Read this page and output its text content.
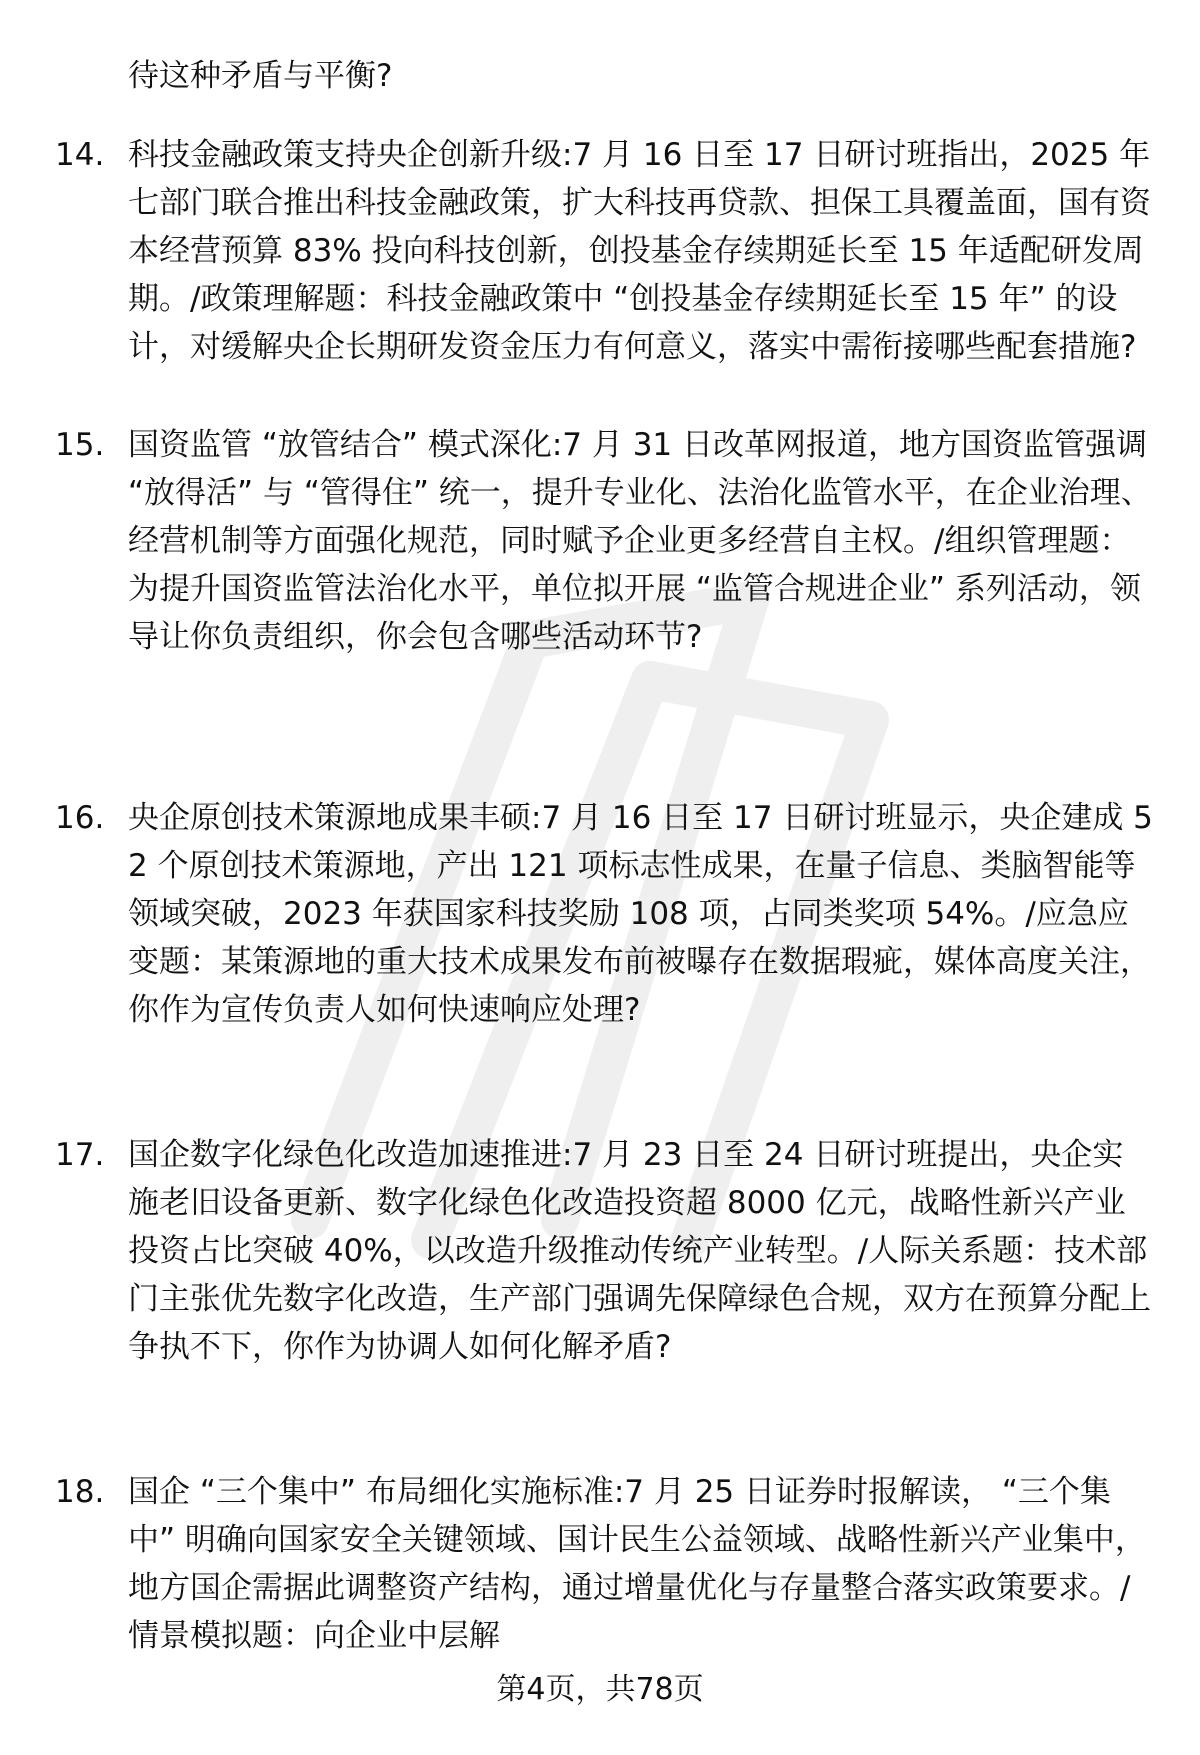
待这种矛盾与平衡?

14. 科技金融政策支持央企创新升级:7 月 16 日至 17 日研讨班指出，2025 年七部门联合推出科技金融政策，扩大科技再贷款、担保工具覆盖面，国有资本经营预算 83% 投向科技创新，创投基金存续期延长至 15 年适配研发周期。/政策理解题：科技金融政策中 “创投基金存续期延长至 15 年” 的设计，对缓解央企长期研发资金压力有何意义，落实中需衔接哪些配套措施?
15. 国资监管 “放管结合” 模式深化:7 月 31 日改革网报道，地方国资监管强调 “放得活” 与 “管得住” 统一，提升专业化、法治化监管水平，在企业治理、经营机制等方面强化规范，同时赋予企业更多经营自主权。/组织管理题：为提升国资监管法治化水平，单位拟开展 “监管合规进企业” 系列活动，领导让你负责组织，你会包含哪些活动环节?
16. 央企原创技术策源地成果丰硕:7 月 16 日至 17 日研讨班显示，央企建成 52 个原创技术策源地，产出 121 项标志性成果，在量子信息、类脑智能等领域突破，2023 年获国家科技奖励 108 项，占同类奖项 54%。/应急应变题：某策源地的重大技术成果发布前被曝存在数据瑕疵，媒体高度关注，你作为宣传负责人如何快速响应处理?
17. 国企数字化绿色化改造加速推进:7 月 23 日至 24 日研讨班提出，央企实施老旧设备更新、数字化绿色化改造投资超 8000 亿元，战略性新兴产业投资占比突破 40%，以改造升级推动传统产业转型。/人际关系题：技术部门主张优先数字化改造，生产部门强调先保障绿色合规，双方在预算分配上争执不下，你作为协调人如何化解矛盾?
18. 国企 “三个集中” 布局细化实施标准:7 月 25 日证券时报解读， “三个集中” 明确向国家安全关键领域、国计民生公益领域、战略性新兴产业集中，地方国企需据此调整资产结构，通过增量优化与存量整合落实政策要求。/情景模拟题：向企业中层解
第4页，共78页
